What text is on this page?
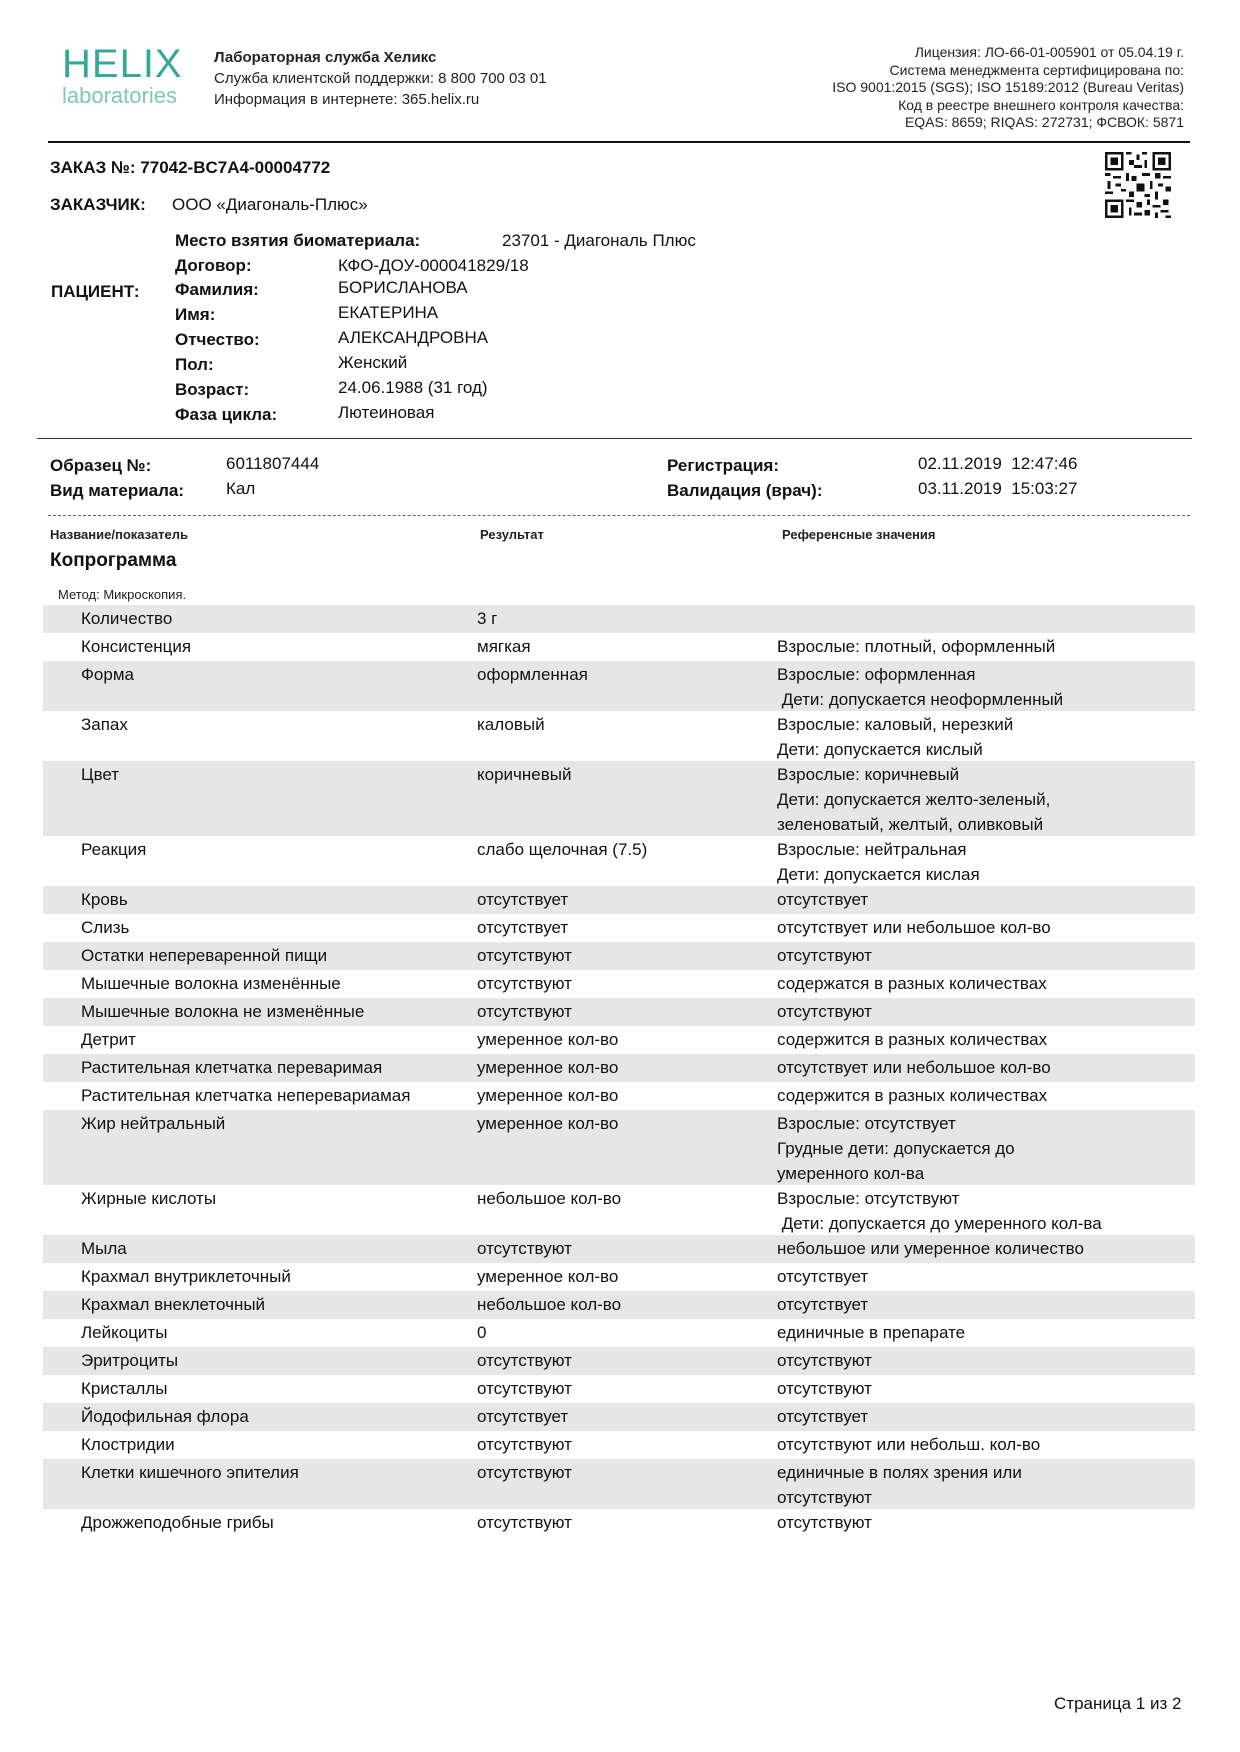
HELIX
laboratories
Лабораторная служба Хеликс
Служба клиентской поддержки: 8 800 700 03 01
Информация в интернете: 365.helix.ru
Лицензия: ЛО-66-01-005901 от 05.04.19 г.
Система менеджмента сертифицирована по:
ISO 9001:2015 (SGS); ISO 15189:2012 (Bureau Veritas)
Код в реестре внешнего контроля качества:
EQAS: 8659; RIQAS: 272731; ФСВОК: 5871
ЗАКАЗ №: 77042-BC7A4-00004772
ЗАКАЗЧИК: ООО «Диагональ-Плюс»
ПАЦИЕНТ:
Место взятия биоматериала:	23701 - Диагональ Плюс
Договор:	КФО-ДОУ-000041829/18
Фамилия:	БОРИСЛАНОВА
Имя:	ЕКАТЕРИНА
Отчество:	АЛЕКСАНДРОВНА
Пол:	Женский
Возраст:	24.06.1988 (31 год)
Фаза цикла:	Лютеиновая
Образец №:	6011807444
Вид материала: Кал
Регистрация:	02.11.2019  12:47:46
Валидация (врач):	03.11.2019  15:03:27
Название/показатель	Результат	Референсные значения
Копрограмма
Метод: Микроскопия.
Количество	3 г
Консистенция	мягкая	Взрослые: плотный, оформленный
Форма	оформленная	Взрослые: оформленная
Дети: допускается неоформленный
Запах	каловый	Взрослые: каловый, нерезкий
Дети: допускается кислый
Цвет	коричневый	Взрослые: коричневый
Дети: допускается желто-зеленый,
зеленоватый, желтый, оливковый
Реакция	слабо щелочная (7.5)	Взрослые: нейтральная
Дети: допускается кислая
Кровь	отсутствует	отсутствует
Слизь	отсутствует	отсутствует или небольшое кол-во
Остатки непереваренной пищи	отсутствуют	отсутствуют
Мышечные волокна изменённые	отсутствуют	содержатся в разных количествах
Мышечные волокна не изменённые	отсутствуют	отсутствуют
Детрит	умеренное кол-во	содержится в разных количествах
Растительная клетчатка переваримая	умеренное кол-во	отсутствует или небольшое кол-во
Растительная клетчатка неперевариамая	умеренное кол-во	содержится в разных количествах
Жир нейтральный	умеренное кол-во	Взрослые: отсутствует
Грудные дети: допускается до
умеренного кол-ва
Жирные кислоты	небольшое кол-во	Взрослые: отсутствуют
Дети: допускается до умеренного кол-ва
Мыла	отсутствуют	небольшое или умеренное количество
Крахмал внутриклеточный	умеренное кол-во	отсутствует
Крахмал внеклеточный	небольшое кол-во	отсутствует
Лейкоциты	0	единичные в препарате
Эритроциты	отсутствуют	отсутствуют
Кристаллы	отсутствуют	отсутствуют
Йодофильная флора	отсутствует	отсутствует
Клостридии	отсутствуют	отсутствуют или небольш. кол-во
Клетки кишечного эпителия	отсутствуют	единичные в полях зрения или
отсутствуют
Дрожжеподобные грибы	отсутствуют	отсутствуют
Страница 1 из 2
